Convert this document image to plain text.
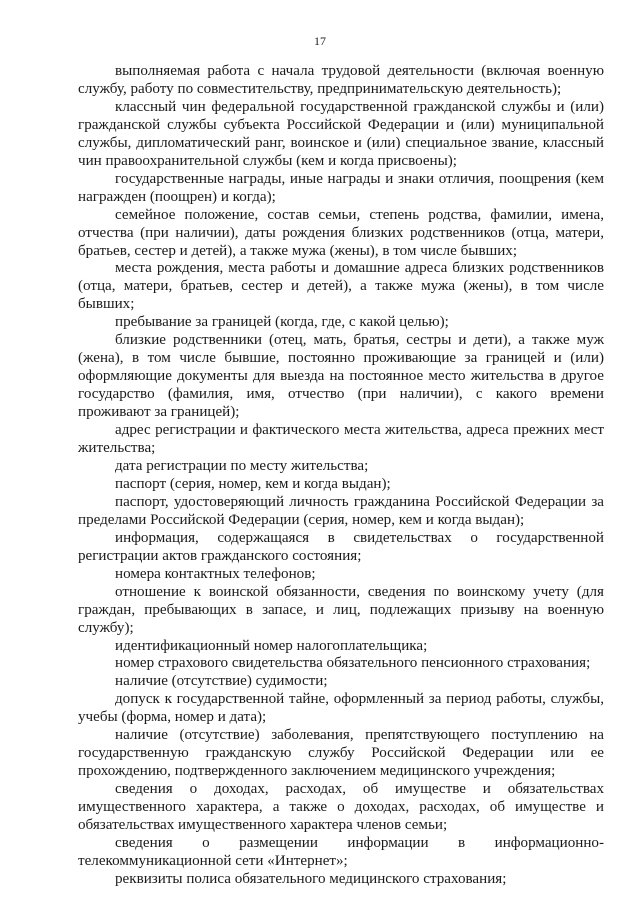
17

выполняемая работа с начала трудовой деятельности (включая военную службу, работу по совместительству, предпринимательскую деятельность);

классный чин федеральной государственной гражданской службы и (или) гражданской службы субъекта Российской Федерации и (или) муниципальной службы, дипломатический ранг, воинское и (или) специальное звание, классный чин правоохранительной службы (кем и когда присвоены);

государственные награды, иные награды и знаки отличия, поощрения (кем награжден (поощрен) и когда);

семейное положение, состав семьи, степень родства, фамилии, имена, отчества (при наличии), даты рождения близких родственников (отца, матери, братьев, сестер и детей), а также мужа (жены), в том числе бывших;

места рождения, места работы и домашние адреса близких родственников (отца, матери, братьев, сестер и детей), а также мужа (жены), в том числе бывших;

пребывание за границей (когда, где, с какой целью);

близкие родственники (отец, мать, братья, сестры и дети), а также муж (жена), в том числе бывшие, постоянно проживающие за границей и (или) оформляющие документы для выезда на постоянное место жительства в другое государство (фамилия, имя, отчество (при наличии), с какого времени проживают за границей);

адрес регистрации и фактического места жительства, адреса прежних мест жительства;

дата регистрации по месту жительства;

паспорт (серия, номер, кем и когда выдан);

паспорт, удостоверяющий личность гражданина Российской Федерации за пределами Российской Федерации (серия, номер, кем и когда выдан);

информация, содержащаяся в свидетельствах о государственной регистрации актов гражданского состояния;

номера контактных телефонов;

отношение к воинской обязанности, сведения по воинскому учету (для граждан, пребывающих в запасе, и лиц, подлежащих призыву на военную службу);

идентификационный номер налогоплательщика;

номер страхового свидетельства обязательного пенсионного страхования;

наличие (отсутствие) судимости;

допуск к государственной тайне, оформленный за период работы, службы, учебы (форма, номер и дата);

наличие (отсутствие) заболевания, препятствующего поступлению на государственную гражданскую службу Российской Федерации или ее прохождению, подтвержденного заключением медицинского учреждения;

сведения о доходах, расходах, об имуществе и обязательствах имущественного характера, а также о доходах, расходах, об имуществе и обязательствах имущественного характера членов семьи;

сведения о размещении информации в информационно-телекоммуникационной сети «Интернет»;

реквизиты полиса обязательного медицинского страхования;
